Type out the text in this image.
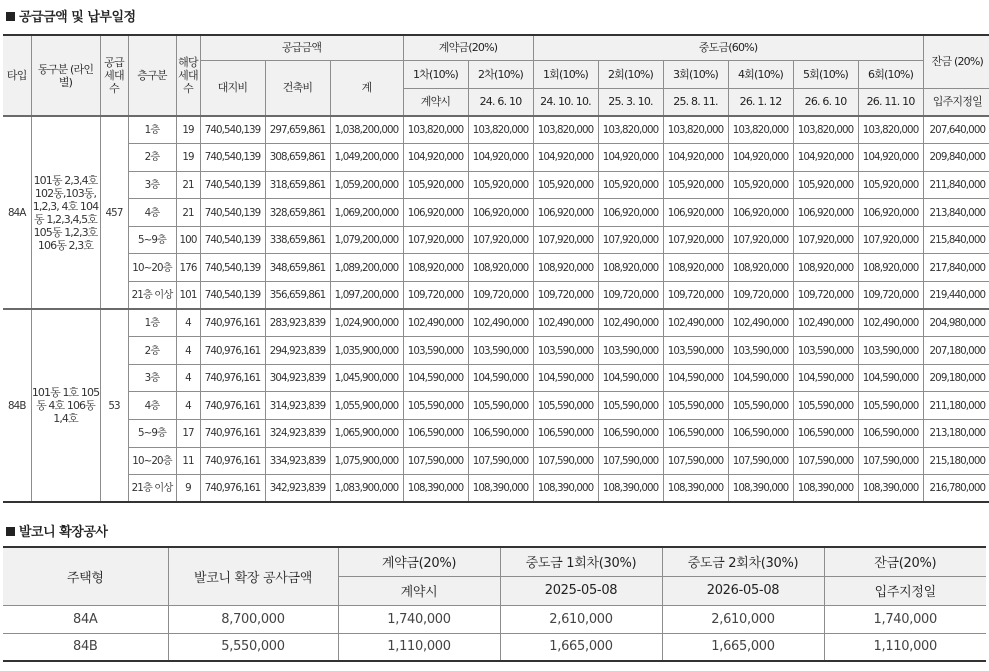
공급금액 및 납부일정
타입	동구분 (라인별)	공급 세대 수	층구분	해당 세대 수	공급금액			계약금(20%)		중도금(60%)						잔금 (20%)
					대지비	건축비	계	1차(10%)	2차(10%)	1회(10%)	2회(10%)	3회(10%)	4회(10%)	5회(10%)	6회(10%)	
								계약시	24. 6. 10	24. 10. 10.	25. 3. 10.	25. 8. 11.	26. 1. 12	26. 6. 10	26. 11. 10	입주지정일
84A	101동 2,3,4호 102동,103동, 1,2,3, 4호 104동 1,2,3,4,5호 105동 1,2,3호 106동 2,3호	457	1층	19	740,540,139	297,659,861	1,038,200,000	103,820,000	103,820,000	103,820,000	103,820,000	103,820,000	103,820,000	103,820,000	103,820,000	207,640,000
			2층	19	740,540,139	308,659,861	1,049,200,000	104,920,000	104,920,000	104,920,000	104,920,000	104,920,000	104,920,000	104,920,000	104,920,000	209,840,000
			3층	21	740,540,139	318,659,861	1,059,200,000	105,920,000	105,920,000	105,920,000	105,920,000	105,920,000	105,920,000	105,920,000	105,920,000	211,840,000
			4층	21	740,540,139	328,659,861	1,069,200,000	106,920,000	106,920,000	106,920,000	106,920,000	106,920,000	106,920,000	106,920,000	106,920,000	213,840,000
			5~9층	100	740,540,139	338,659,861	1,079,200,000	107,920,000	107,920,000	107,920,000	107,920,000	107,920,000	107,920,000	107,920,000	107,920,000	215,840,000
			10~20층	176	740,540,139	348,659,861	1,089,200,000	108,920,000	108,920,000	108,920,000	108,920,000	108,920,000	108,920,000	108,920,000	108,920,000	217,840,000
			21층 이상	101	740,540,139	356,659,861	1,097,200,000	109,720,000	109,720,000	109,720,000	109,720,000	109,720,000	109,720,000	109,720,000	109,720,000	219,440,000
84B	101동 1호 105동 4호 106동 1,4호	53	1층	4	740,976,161	283,923,839	1,024,900,000	102,490,000	102,490,000	102,490,000	102,490,000	102,490,000	102,490,000	102,490,000	102,490,000	204,980,000
			2층	4	740,976,161	294,923,839	1,035,900,000	103,590,000	103,590,000	103,590,000	103,590,000	103,590,000	103,590,000	103,590,000	103,590,000	207,180,000
			3층	4	740,976,161	304,923,839	1,045,900,000	104,590,000	104,590,000	104,590,000	104,590,000	104,590,000	104,590,000	104,590,000	104,590,000	209,180,000
			4층	4	740,976,161	314,923,839	1,055,900,000	105,590,000	105,590,000	105,590,000	105,590,000	105,590,000	105,590,000	105,590,000	105,590,000	211,180,000
			5~9층	17	740,976,161	324,923,839	1,065,900,000	106,590,000	106,590,000	106,590,000	106,590,000	106,590,000	106,590,000	106,590,000	106,590,000	213,180,000
			10~20층	11	740,976,161	334,923,839	1,075,900,000	107,590,000	107,590,000	107,590,000	107,590,000	107,590,000	107,590,000	107,590,000	107,590,000	215,180,000
			21층 이상	9	740,976,161	342,923,839	1,083,900,000	108,390,000	108,390,000	108,390,000	108,390,000	108,390,000	108,390,000	108,390,000	108,390,000	216,780,000
발코니 확장공사
주택형	발코니 확장 공사금액	계약금(20%)	중도금 1회차(30%)	중도금 2회차(30%)	잔금(20%)
		계약시	2025-05-08	2026-05-08	입주지정일
84A	8,700,000	1,740,000	2,610,000	2,610,000	1,740,000
84B	5,550,000	1,110,000	1,665,000	1,665,000	1,110,000
